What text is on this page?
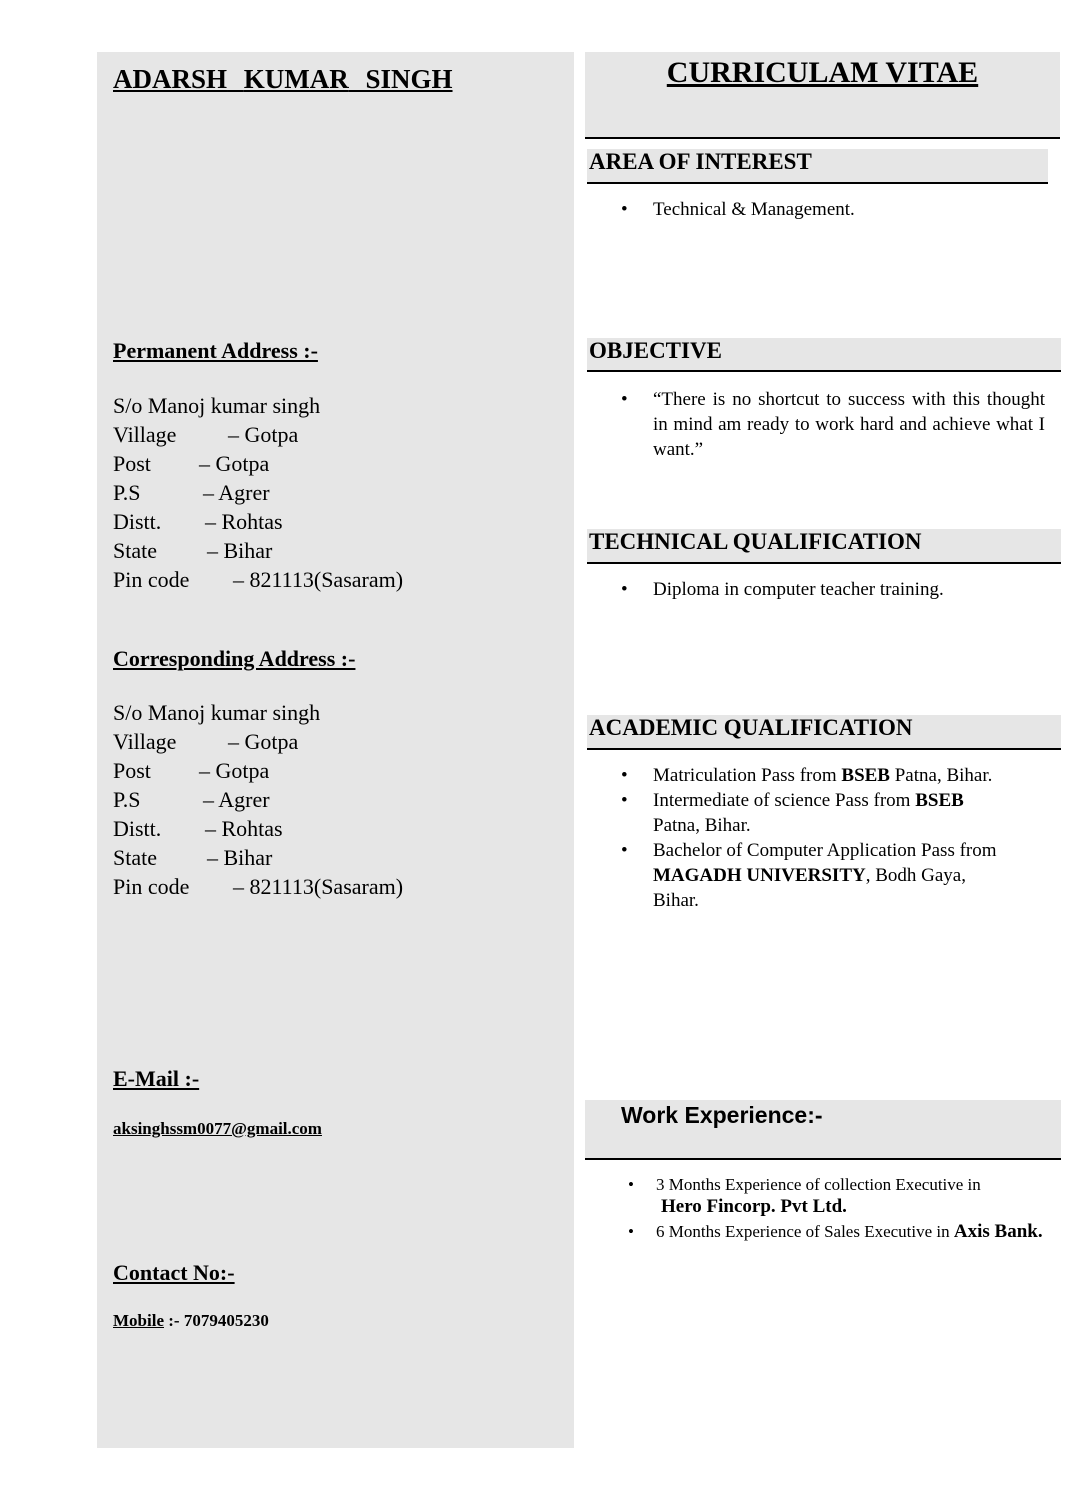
ADARSH KUMAR SINGH
Permanent Address :-
S/o Manoj kumar singh
Village	– Gotpa
Post	– Gotpa
P.S	– Agrer
Distt.	– Rohtas
State	– Bihar
Pin code	– 821113(Sasaram)
Corresponding Address :-
S/o Manoj kumar singh
Village	– Gotpa
Post	– Gotpa
P.S	– Agrer
Distt.	– Rohtas
State	– Bihar
Pin code	– 821113(Sasaram)
E-Mail :-
aksinghssm0077@gmail.com
Contact No:-
Mobile :- 7079405230
CURRICULAM VITAE
AREA OF INTEREST
• Technical & Management.
OBJECTIVE
• “There is no shortcut to success with this thought in mind am ready to work hard and achieve what I want.”
TECHNICAL QUALIFICATION
• Diploma in computer teacher training.
ACADEMIC QUALIFICATION
• Matriculation Pass from BSEB Patna, Bihar.
• Intermediate of science Pass from BSEB Patna, Bihar.
• Bachelor of Computer Application Pass from MAGADH UNIVERSITY, Bodh Gaya, Bihar.
Work Experience:-
• 3 Months Experience of collection Executive in
Hero Fincorp. Pvt Ltd.
• 6 Months Experience of Sales Executive in Axis Bank.
